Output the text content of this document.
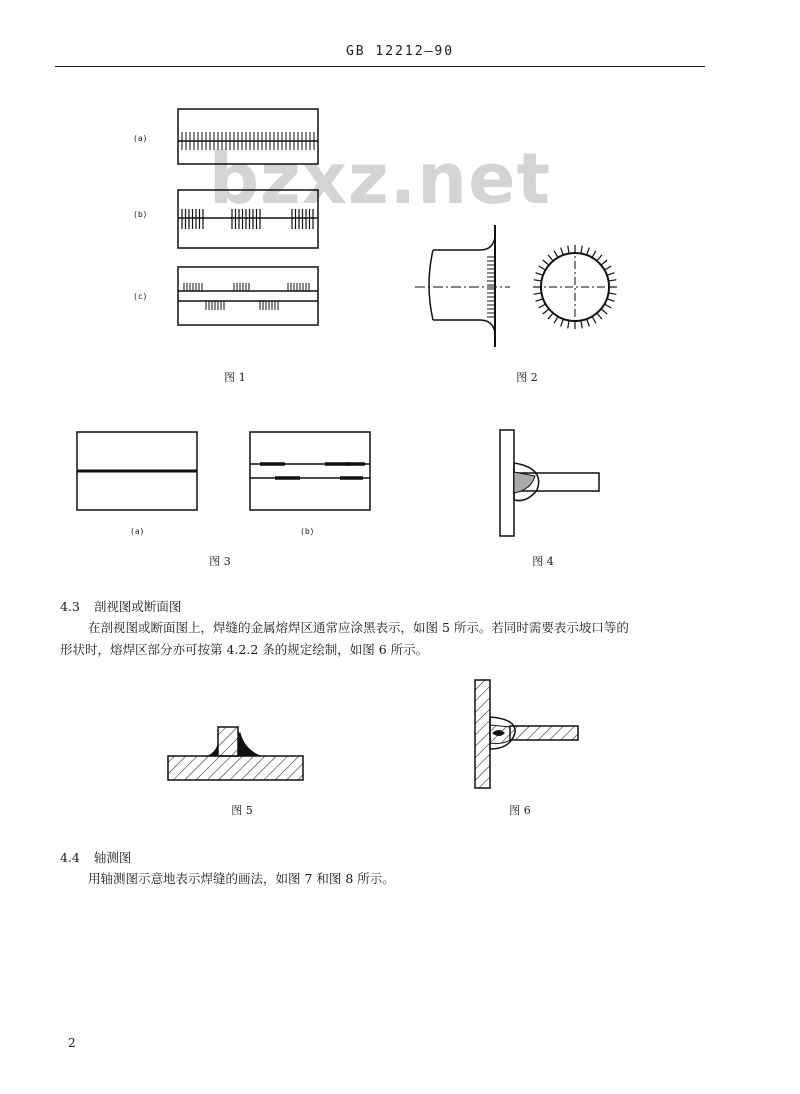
GB 12212—90
bzxz.net
(a)
(b)
(c)
图 1	图 2
(a)	(b)
图 3	图 4
4.3 剖视图或断面图
在剖视图或断面图上，焊缝的金属熔焊区通常应涂黑表示，如图 5 所示。若同时需要表示坡口等的
形状时，熔焊区部分亦可按第 4.2.2 条的规定绘制，如图 6 所示。
图 5	图 6
4.4 轴测图
用轴测图示意地表示焊缝的画法，如图 7 和图 8 所示。
2
